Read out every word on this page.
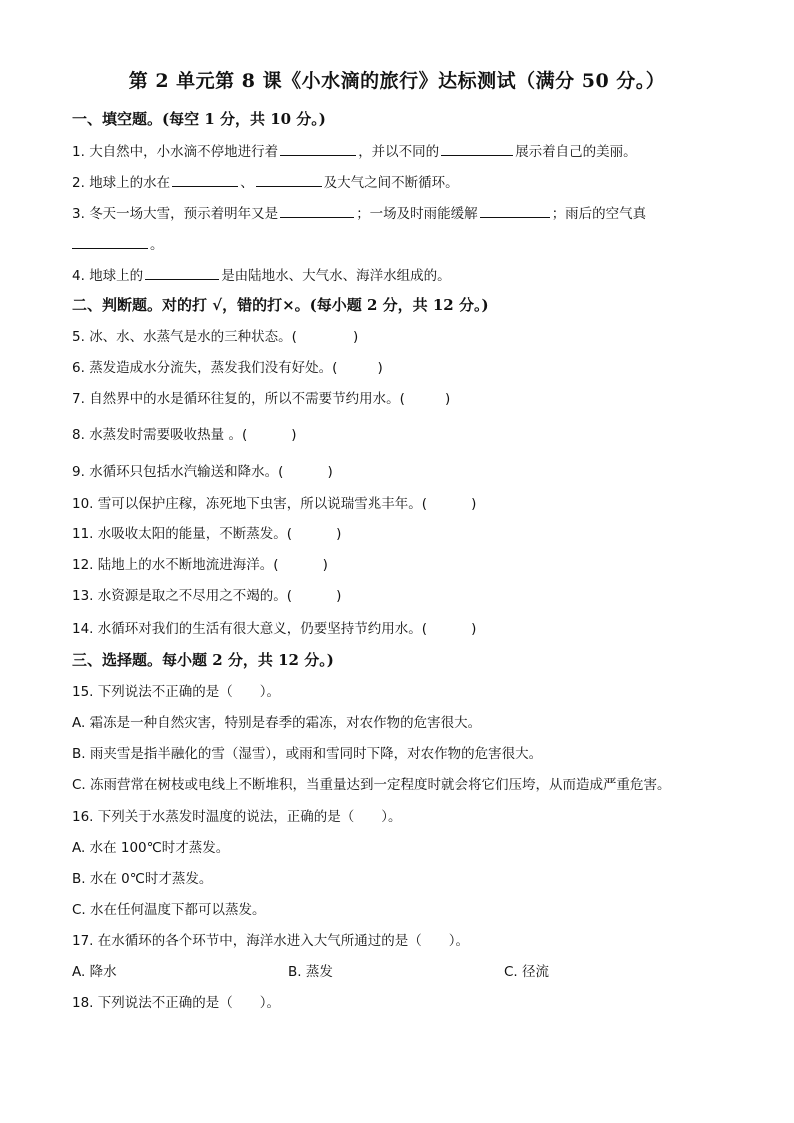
第 2 单元第 8 课《小水滴的旅行》达标测试（满分 50 分。）
一、填空题。(每空 1 分，共 10 分。)
1. 大自然中，小水滴不停地进行着	，并以不同的	展示着自己的美丽。
2. 地球上的水在	、	及大气之间不断循环。
3. 冬天一场大雪，预示着明年又是	；一场及时雨能缓解	；雨后的空气真
。
4. 地球上的	是由陆地水、大气水、海洋水组成的。
二、判断题。对的打 √，错的打×。(每小题 2 分，共 12 分。)
5. 冰、水、水蒸气是水的三种状态。(	)
6. 蒸发造成水分流失，蒸发我们没有好处。(	)
7. 自然界中的水是循环往复的，所以不需要节约用水。(	)
8. 水蒸发时需要吸收热量 。(	)
9. 水循环只包括水汽输送和降水。(	)
10. 雪可以保护庄稼，冻死地下虫害，所以说瑞雪兆丰年。(	)
11. 水吸收太阳的能量，不断蒸发。(	)
12. 陆地上的水不断地流进海洋。(	)
13. 水资源是取之不尽用之不竭的。(	)
14. 水循环对我们的生活有很大意义，仍要坚持节约用水。(	)
三、选择题。每小题 2 分，共 12 分。)
15. 下列说法不正确的是（　　）。
A. 霜冻是一种自然灾害，特别是春季的霜冻，对农作物的危害很大。
B. 雨夹雪是指半融化的雪（湿雪），或雨和雪同时下降，对农作物的危害很大。
C. 冻雨营常在树枝或电线上不断堆积，当重量达到一定程度时就会将它们压垮，从而造成严重危害。
16. 下列关于水蒸发时温度的说法，正确的是（　　）。
A. 水在 100℃时才蒸发。
B. 水在 0℃时才蒸发。
C. 水在任何温度下都可以蒸发。
17. 在水循环的各个环节中，海洋水进入大气所通过的是（　　）。
A. 降水	B. 蒸发	C. 径流
18. 下列说法不正确的是（　　）。
